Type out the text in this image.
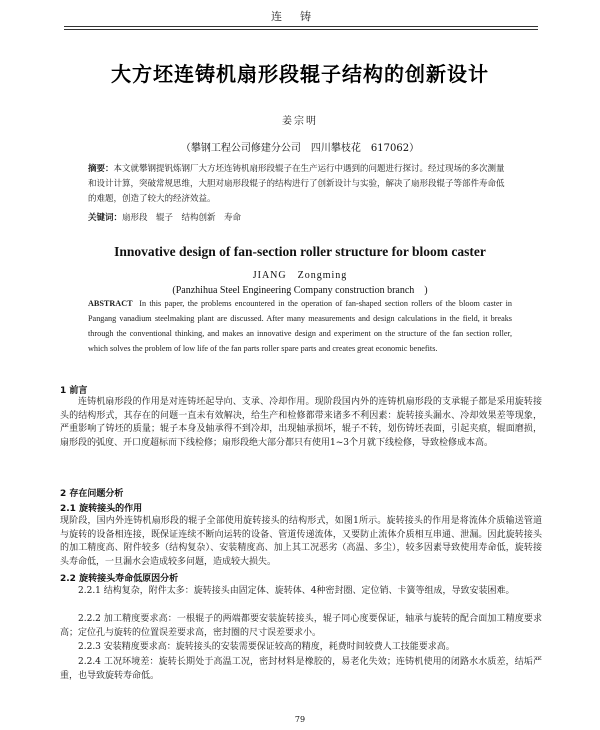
连铸
大方坯连铸机扇形段辊子结构的创新设计
姜宗明
（攀钢工程公司修建分公司　四川攀枝花　617062）
摘要：本文就攀钢提钒炼钢厂大方坯连铸机扇形段辊子在生产运行中遇到的问题进行探讨。经过现场的多次测量和设计计算，突破常规思维，大胆对扇形段辊子的结构进行了创新设计与实验，解决了扇形段辊子等部件寿命低的难题，创造了较大的经济效益。
关键词：扇形段　辊子　结构创新　寿命
Innovative design of fan-section roller structure for bloom caster
JIANG　Zongming
(Panzhihua Steel Engineering Company construction branch　)
ABSTRACT In this paper, the problems encountered in the operation of fan-shaped section rollers of the bloom caster in Pangang vanadium steelmaking plant are discussed. After many measurements and design calculations in the field, it breaks through the conventional thinking, and makes an innovative design and experiment on the structure of the fan section roller, which solves the problem of low life of the fan parts roller spare parts and creates great economic benefits.
1 前言
连铸机扇形段的作用是对连铸坯起导向、支承、冷却作用。现阶段国内外的连铸机扇形段的支承辊子都是采用旋转接头的结构形式，其存在的问题一直未有效解决，给生产和检修都带来诸多不利因素：旋转接头漏水、冷却效果差等现象，严重影响了铸坯的质量；辊子本身及轴承得不到冷却，出现轴承损坏，辊子不转，划伤铸坯表面，引起夹痕，辊面磨损，扇形段的弧度、开口度超标而下线检修；扇形段绝大部分都只有使用1~3个月就下线检修，导致检修成本高。
2 存在问题分析
2.1 旋转接头的作用
现阶段，国内外连铸机扇形段的辊子全部使用旋转接头的结构形式，如图1所示。旋转接头的作用是将流体介质输送管道与旋转的设备相连接，既保证连续不断向运转的设备、管道传递流体，又要防止流体介质相互串通、泄漏。因此旋转接头的加工精度高、附件较多（结构复杂）、安装精度高、加上其工况恶劣（高温、多尘），较多因素导致使用寿命低，旋转接头寿命低，一旦漏水会造成较多问题，造成较大损失。
2.2 旋转接头寿命低原因分析
2.2.1 结构复杂，附件太多：旋转接头由固定体、旋转体、4种密封圈、定位销、卡簧等组成，导致安装困难。
2.2.2 加工精度要求高：一根辊子的两端都要安装旋转接头，辊子同心度要保证，轴承与旋转的配合面加工精度要求高；定位孔与旋转的位置误差要求高，密封圈的尺寸误差要求小。
2.2.3 安装精度要求高：旋转接头的安装需要保证较高的精度，耗费时间较费人工技能要求高。
2.2.4 工况环境差：旋转长期处于高温工况，密封材料是橡胶的，易老化失效；连铸机使用的闭路水水质差，结垢严重，也导致旋转寿命低。
79
